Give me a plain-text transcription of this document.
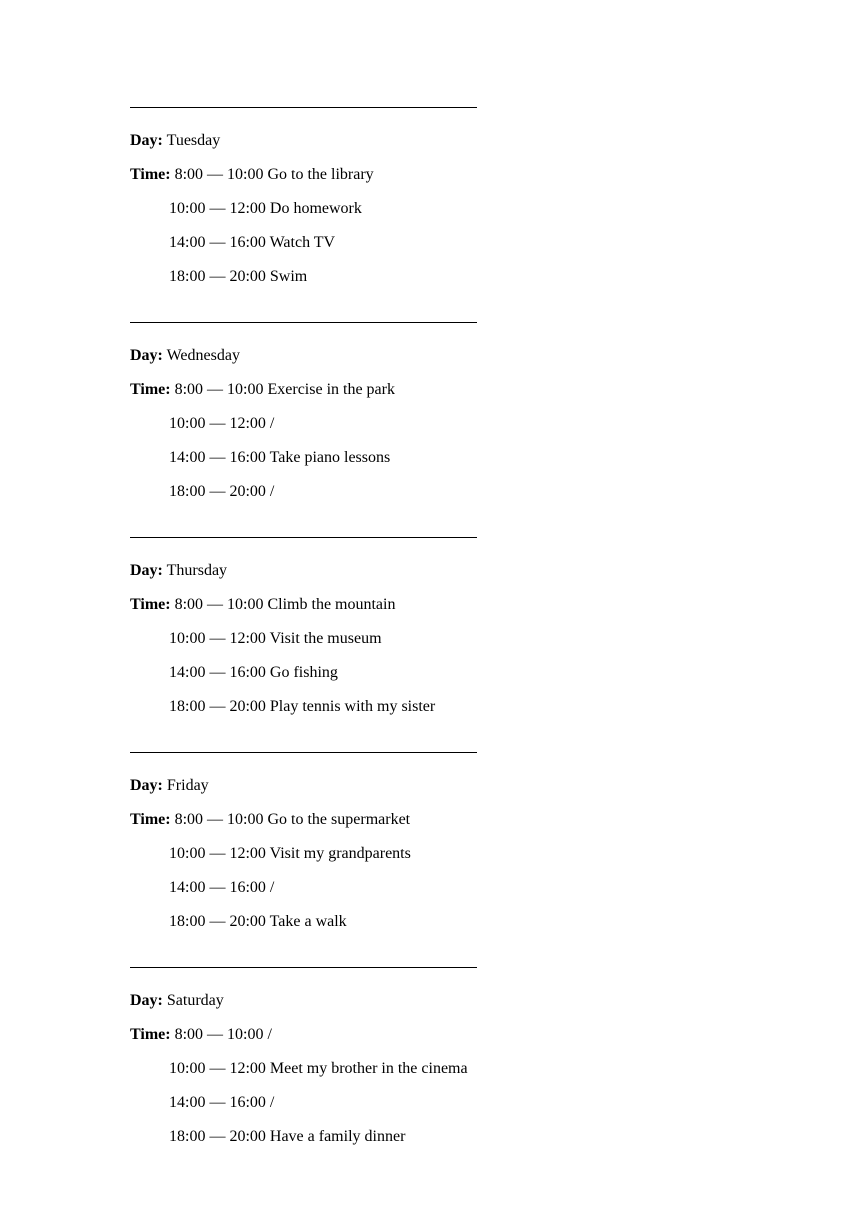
Day: Tuesday
Time: 8:00 — 10:00 Go to the library
10:00 — 12:00 Do homework
14:00 — 16:00 Watch TV
18:00 — 20:00 Swim
Day: Wednesday
Time: 8:00 — 10:00 Exercise in the park
10:00 — 12:00 /
14:00 — 16:00 Take piano lessons
18:00 — 20:00 /
Day: Thursday
Time: 8:00 — 10:00 Climb the mountain
10:00 — 12:00 Visit the museum
14:00 — 16:00 Go fishing
18:00 — 20:00 Play tennis with my sister
Day: Friday
Time: 8:00 — 10:00 Go to the supermarket
10:00 — 12:00 Visit my grandparents
14:00 — 16:00 /
18:00 — 20:00 Take a walk
Day: Saturday
Time: 8:00 — 10:00 /
10:00 — 12:00 Meet my brother in the cinema
14:00 — 16:00 /
18:00 — 20:00 Have a family dinner
